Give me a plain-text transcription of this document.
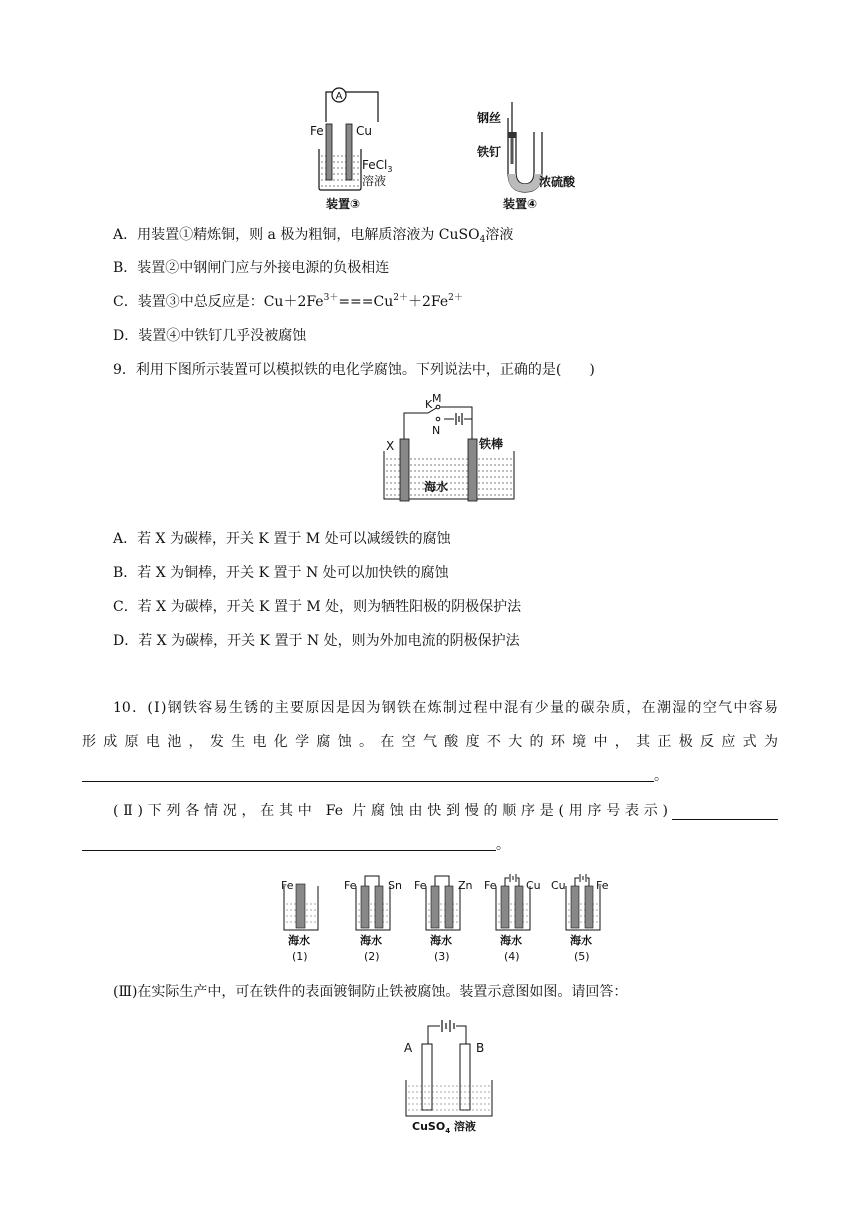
A
Fe	Cu
FeCl$_3$
溶液
装置③
钢丝
铁钉
浓硫酸
装置④
A．用装置①精炼铜，则 a 极为粗铜，电解质溶液为 CuSO$_4$溶液
B．装置②中钢闸门应与外接电源的负极相连
C．装置③中总反应是：$Cu+2Fe^{3+}===Cu^{2+}+2Fe^{2+}$
D．装置④中铁钉几乎没被腐蚀
9．利用下图所示装置可以模拟铁的电化学腐蚀。下列说法中，正确的是(　　)
K M
N
X	铁棒
海水
A．若 X 为碳棒，开关 K 置于 M 处可以减缓铁的腐蚀
B．若 X 为铜棒，开关 K 置于 N 处可以加快铁的腐蚀
C．若 X 为碳棒，开关 K 置于 M 处，则为牺牲阳极的阴极保护法
D．若 X 为碳棒，开关 K 置于 N 处，则为外加电流的阴极保护法
10．(Ⅰ)钢铁容易生锈的主要原因是因为钢铁在炼制过程中混有少量的碳杂质，在潮湿的空气中容易
形成原电池，发生电化学腐蚀。在空气酸度不大的环境中，其正极反应式为
。
(Ⅱ)下列各情况，在其中 Fe 片腐蚀由快到慢的顺序是(用序号表示)
。
Fe
海水
(1)
Fe	Sn
海水
(2)
Fe	Zn
海水
(3)
Fe	Cu
海水
(4)
Cu	Fe
海水
(5)
(Ⅲ)在实际生产中，可在铁件的表面镀铜防止铁被腐蚀。装置示意图如图。请回答：
A	B
CuSO$_4$ 溶液
